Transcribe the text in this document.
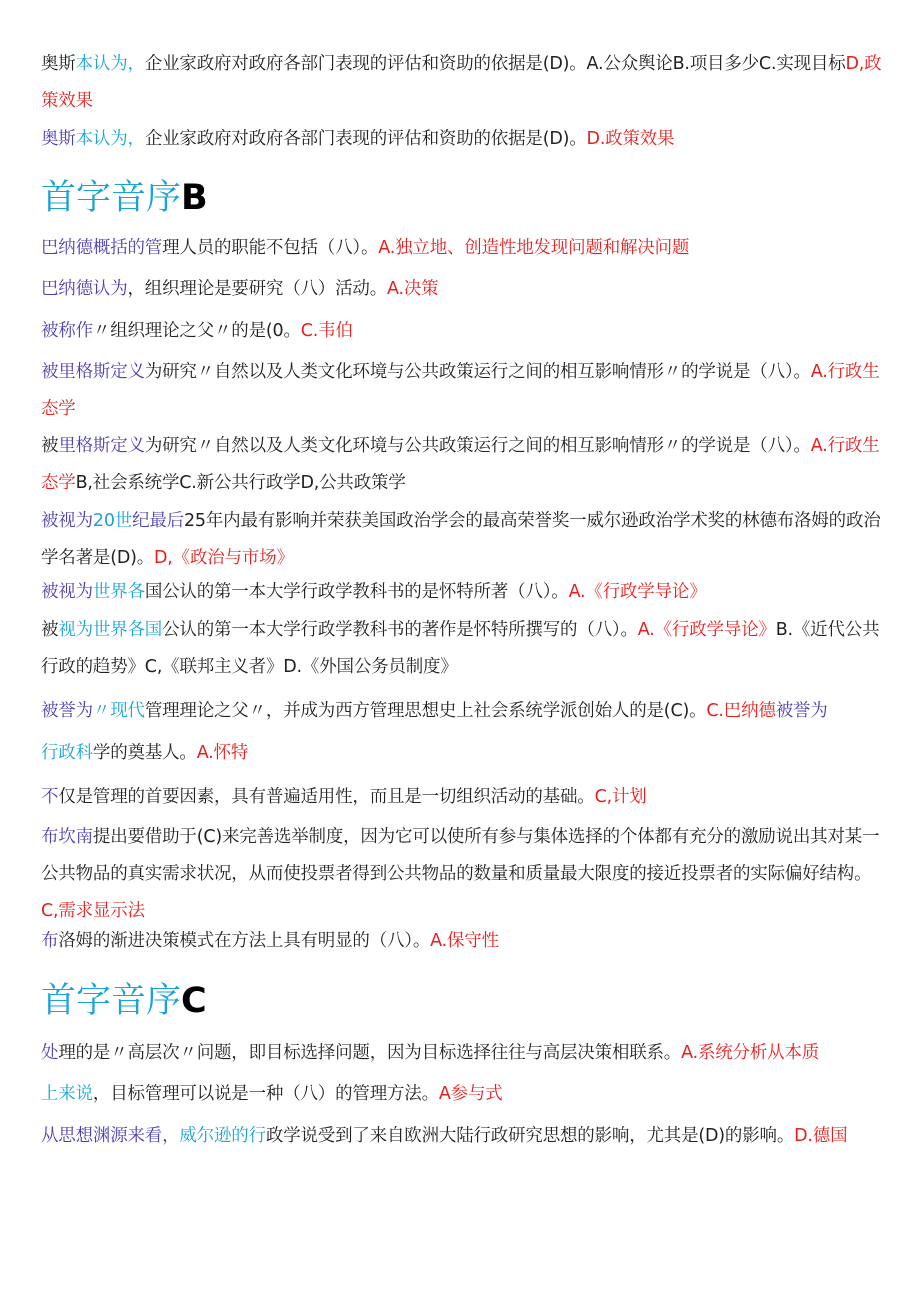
奥斯本认为，企业家政府对政府各部门表现的评估和资助的依据是(D)。A.公众舆论B.项目多少C.实现目标D,政策效果

奥斯本认为，企业家政府对政府各部门表现的评估和资助的依据是(D)。D.政策效果

首字音序B

巴纳德概括的管理人员的职能不包括（八）。A.独立地、创造性地发现问题和解决问题

巴纳德认为，组织理论是要研究（八）活动。A.决策

被称作〃组织理论之父〃的是(0。C.韦伯

被里格斯定义为研究〃自然以及人类文化环境与公共政策运行之间的相互影响情形〃的学说是（八）。A.行政生态学

被里格斯定义为研究〃自然以及人类文化环境与公共政策运行之间的相互影响情形〃的学说是（八）。A.行政生态学B,社会系统学C.新公共行政学D,公共政策学

被视为20世纪最后25年内最有影响并荣获美国政治学会的最高荣誉奖一威尔逊政治学术奖的林德布洛姆的政治学名著是(D)。D,《政治与市场》

被视为世界各国公认的第一本大学行政学教科书的是怀特所著（八）。A.《行政学导论》

被视为世界各国公认的第一本大学行政学教科书的著作是怀特所撰写的（八）。A.《行政学导论》B.《近代公共行政的趋势》C,《联邦主义者》D.《外国公务员制度》

被誉为〃现代管理理论之父〃，并成为西方管理思想史上社会系统学派创始人的是(C)。C.巴纳德被誉为

行政科学的奠基人。A.怀特

不仅是管理的首要因素，具有普遍适用性，而且是一切组织活动的基础。C,计划

布坎南提出要借助于(C)来完善选举制度，因为它可以使所有参与集体选择的个体都有充分的激励说出其对某一公共物品的真实需求状况，从而使投票者得到公共物品的数量和质量最大限度的接近投票者的实际偏好结构。C,需求显示法

布洛姆的渐进决策模式在方法上具有明显的（八）。A.保守性

首字音序C

处理的是〃高层次〃问题，即目标选择问题，因为目标选择往往与高层决策相联系。A.系统分析从本质

上来说，目标管理可以说是一种（八）的管理方法。A参与式

从思想渊源来看，威尔逊的行政学说受到了来自欧洲大陆行政研究思想的影响，尤其是(D)的影响。D.德国
